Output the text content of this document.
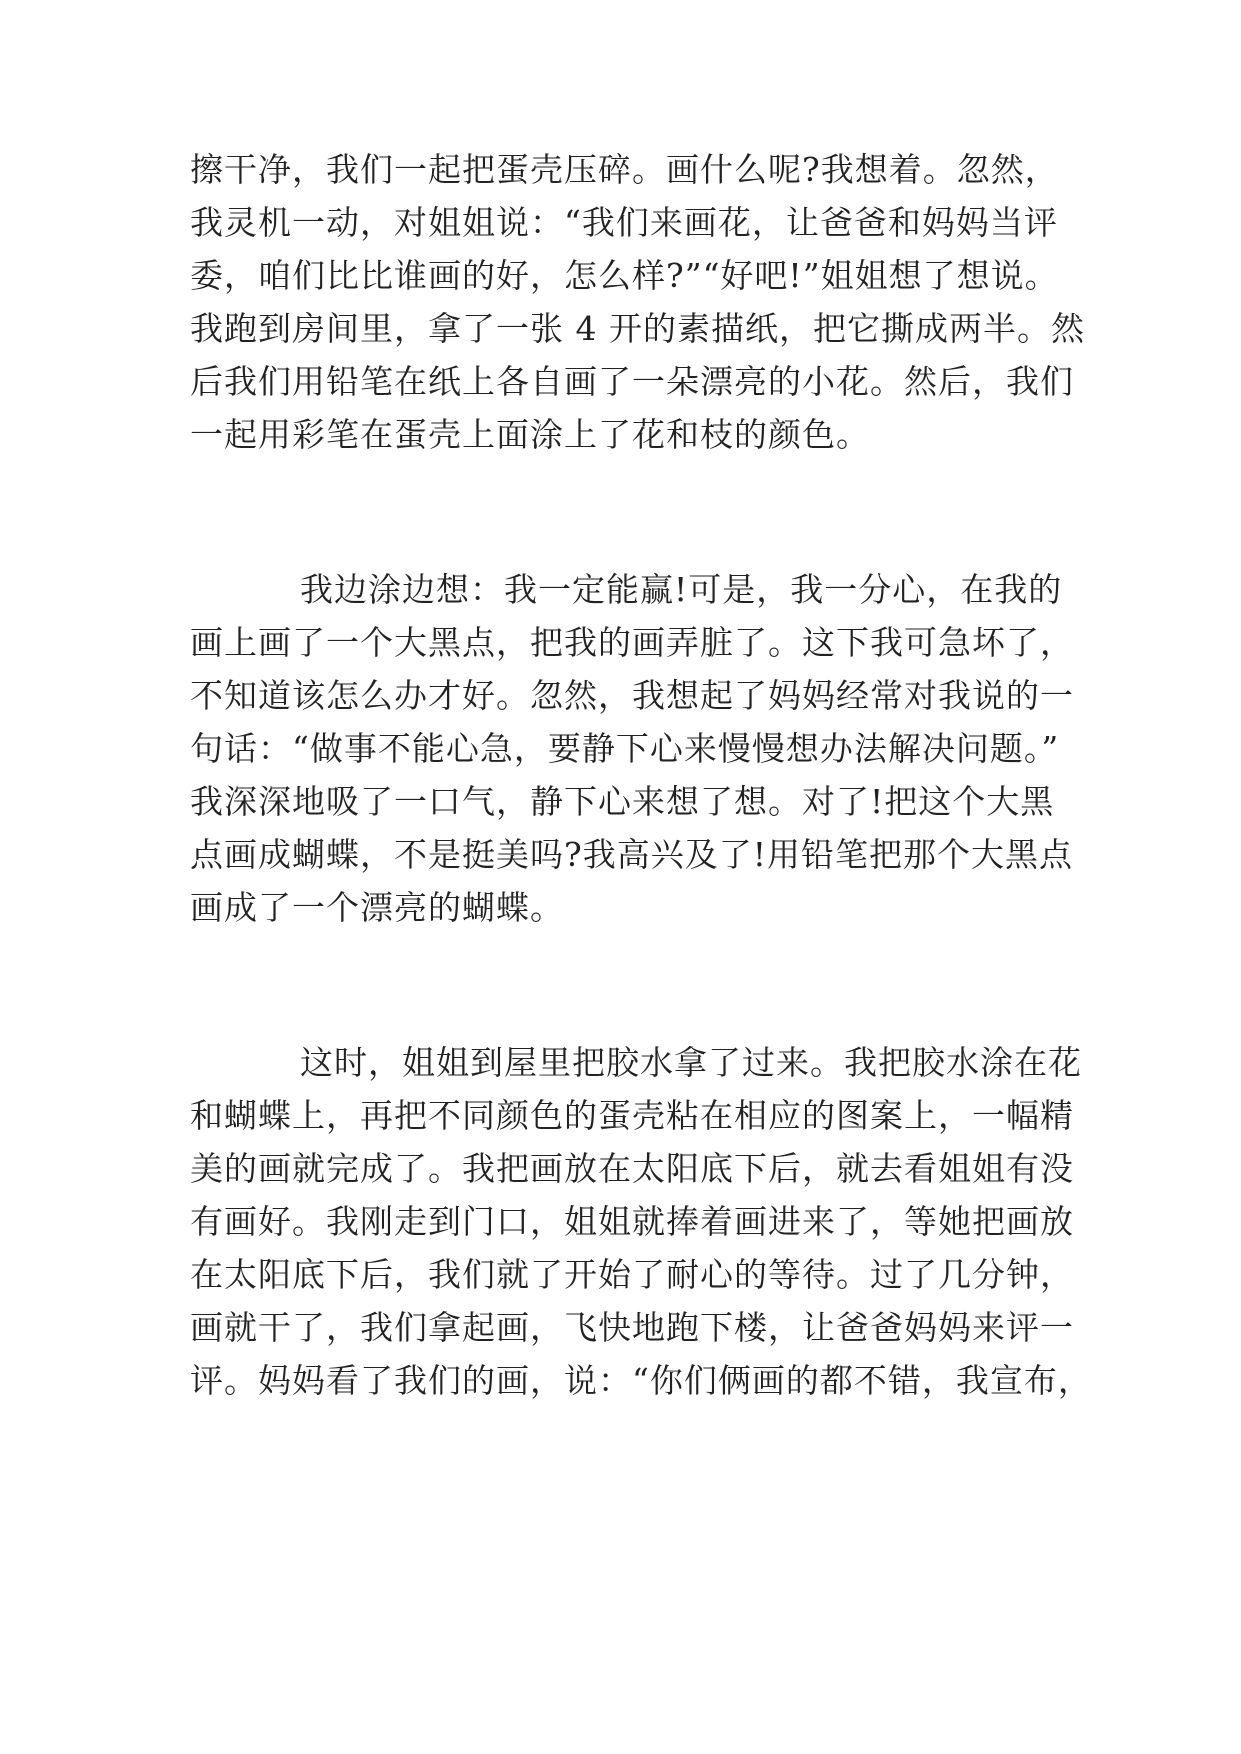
擦干净，我们一起把蛋壳压碎。画什么呢?我想着。忽然，
我灵机一动，对姐姐说：“我们来画花，让爸爸和妈妈当评
委，咱们比比谁画的好，怎么样?”“好吧!”姐姐想了想说。
我跑到房间里，拿了一张 4 开的素描纸，把它撕成两半。然
后我们用铅笔在纸上各自画了一朵漂亮的小花。然后，我们
一起用彩笔在蛋壳上面涂上了花和枝的颜色。
我边涂边想：我一定能赢!可是，我一分心，在我的
画上画了一个大黑点，把我的画弄脏了。这下我可急坏了，
不知道该怎么办才好。忽然，我想起了妈妈经常对我说的一
句话：“做事不能心急，要静下心来慢慢想办法解决问题。”
我深深地吸了一口气，静下心来想了想。对了!把这个大黑
点画成蝴蝶，不是挺美吗?我高兴及了!用铅笔把那个大黑点
画成了一个漂亮的蝴蝶。
这时，姐姐到屋里把胶水拿了过来。我把胶水涂在花
和蝴蝶上，再把不同颜色的蛋壳粘在相应的图案上，一幅精
美的画就完成了。我把画放在太阳底下后，就去看姐姐有没
有画好。我刚走到门口，姐姐就捧着画进来了，等她把画放
在太阳底下后，我们就了开始了耐心的等待。过了几分钟，
画就干了，我们拿起画，飞快地跑下楼，让爸爸妈妈来评一
评。妈妈看了我们的画，说：“你们俩画的都不错，我宣布，
